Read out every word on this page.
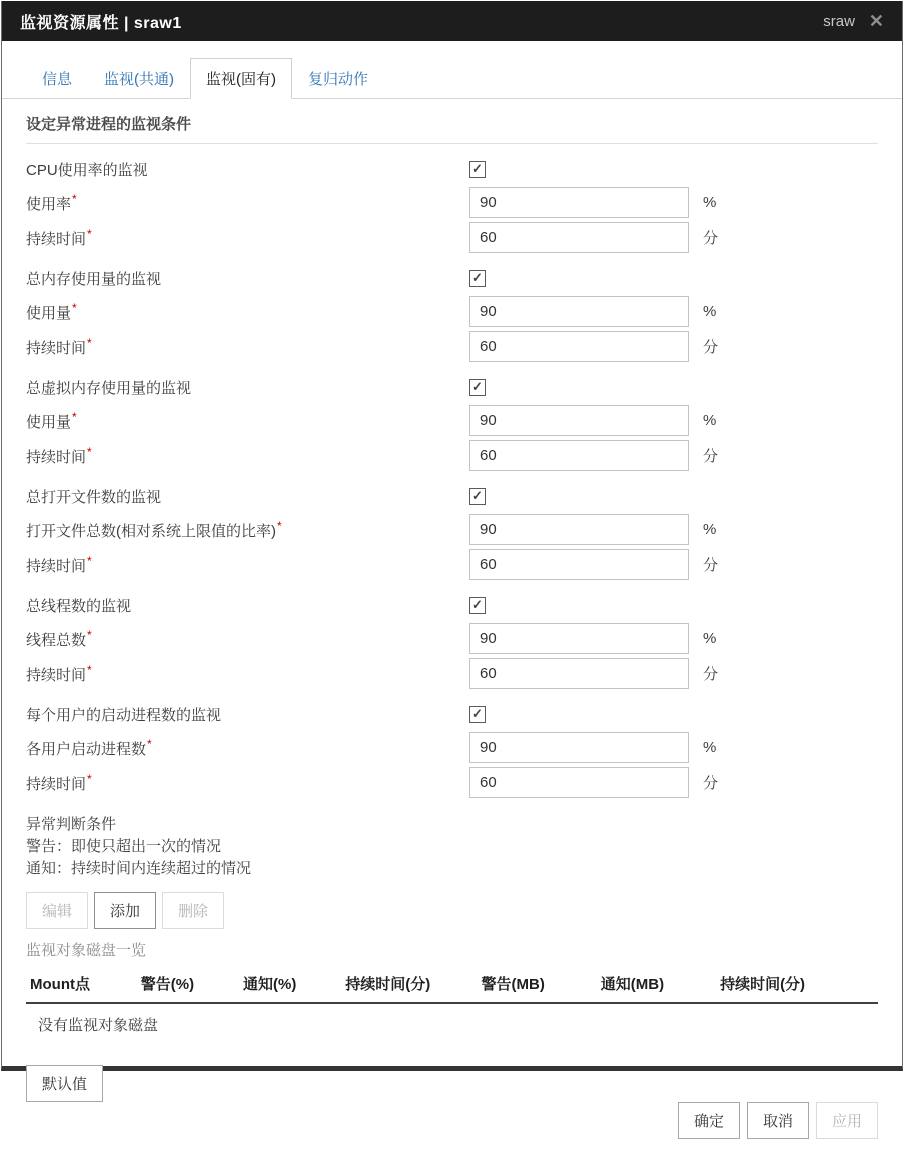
监视资源属性 | sraw1	sraw ✕
信息	监视(共通)	监视(固有)	复归动作
设定异常进程的监视条件
CPU使用率的监视	✓
使用率*
90	%
持续时间*
60	分
总内存使用量的监视	✓
使用量*
90	%
持续时间*
60	分
总虚拟内存使用量的监视	✓
使用量*
90	%
持续时间*
60	分
总打开文件数的监视	✓
打开文件总数(相对系统上限值的比率)*
90	%
持续时间*
60	分
总线程数的监视	✓
线程总数*
90	%
持续时间*
60	分
每个用户的启动进程数的监视	✓
各用户启动进程数*
90	%
持续时间*
60	分
异常判断条件
警告：即使只超出一次的情况
通知：持续时间内连续超过的情况
编辑	添加	删除
监视对象磁盘一览
Mount点	警告(%)	通知(%)	持续时间(分)	警告(MB)	通知(MB)	持续时间(分)
没有监视对象磁盘
默认值
确定	取消	应用
